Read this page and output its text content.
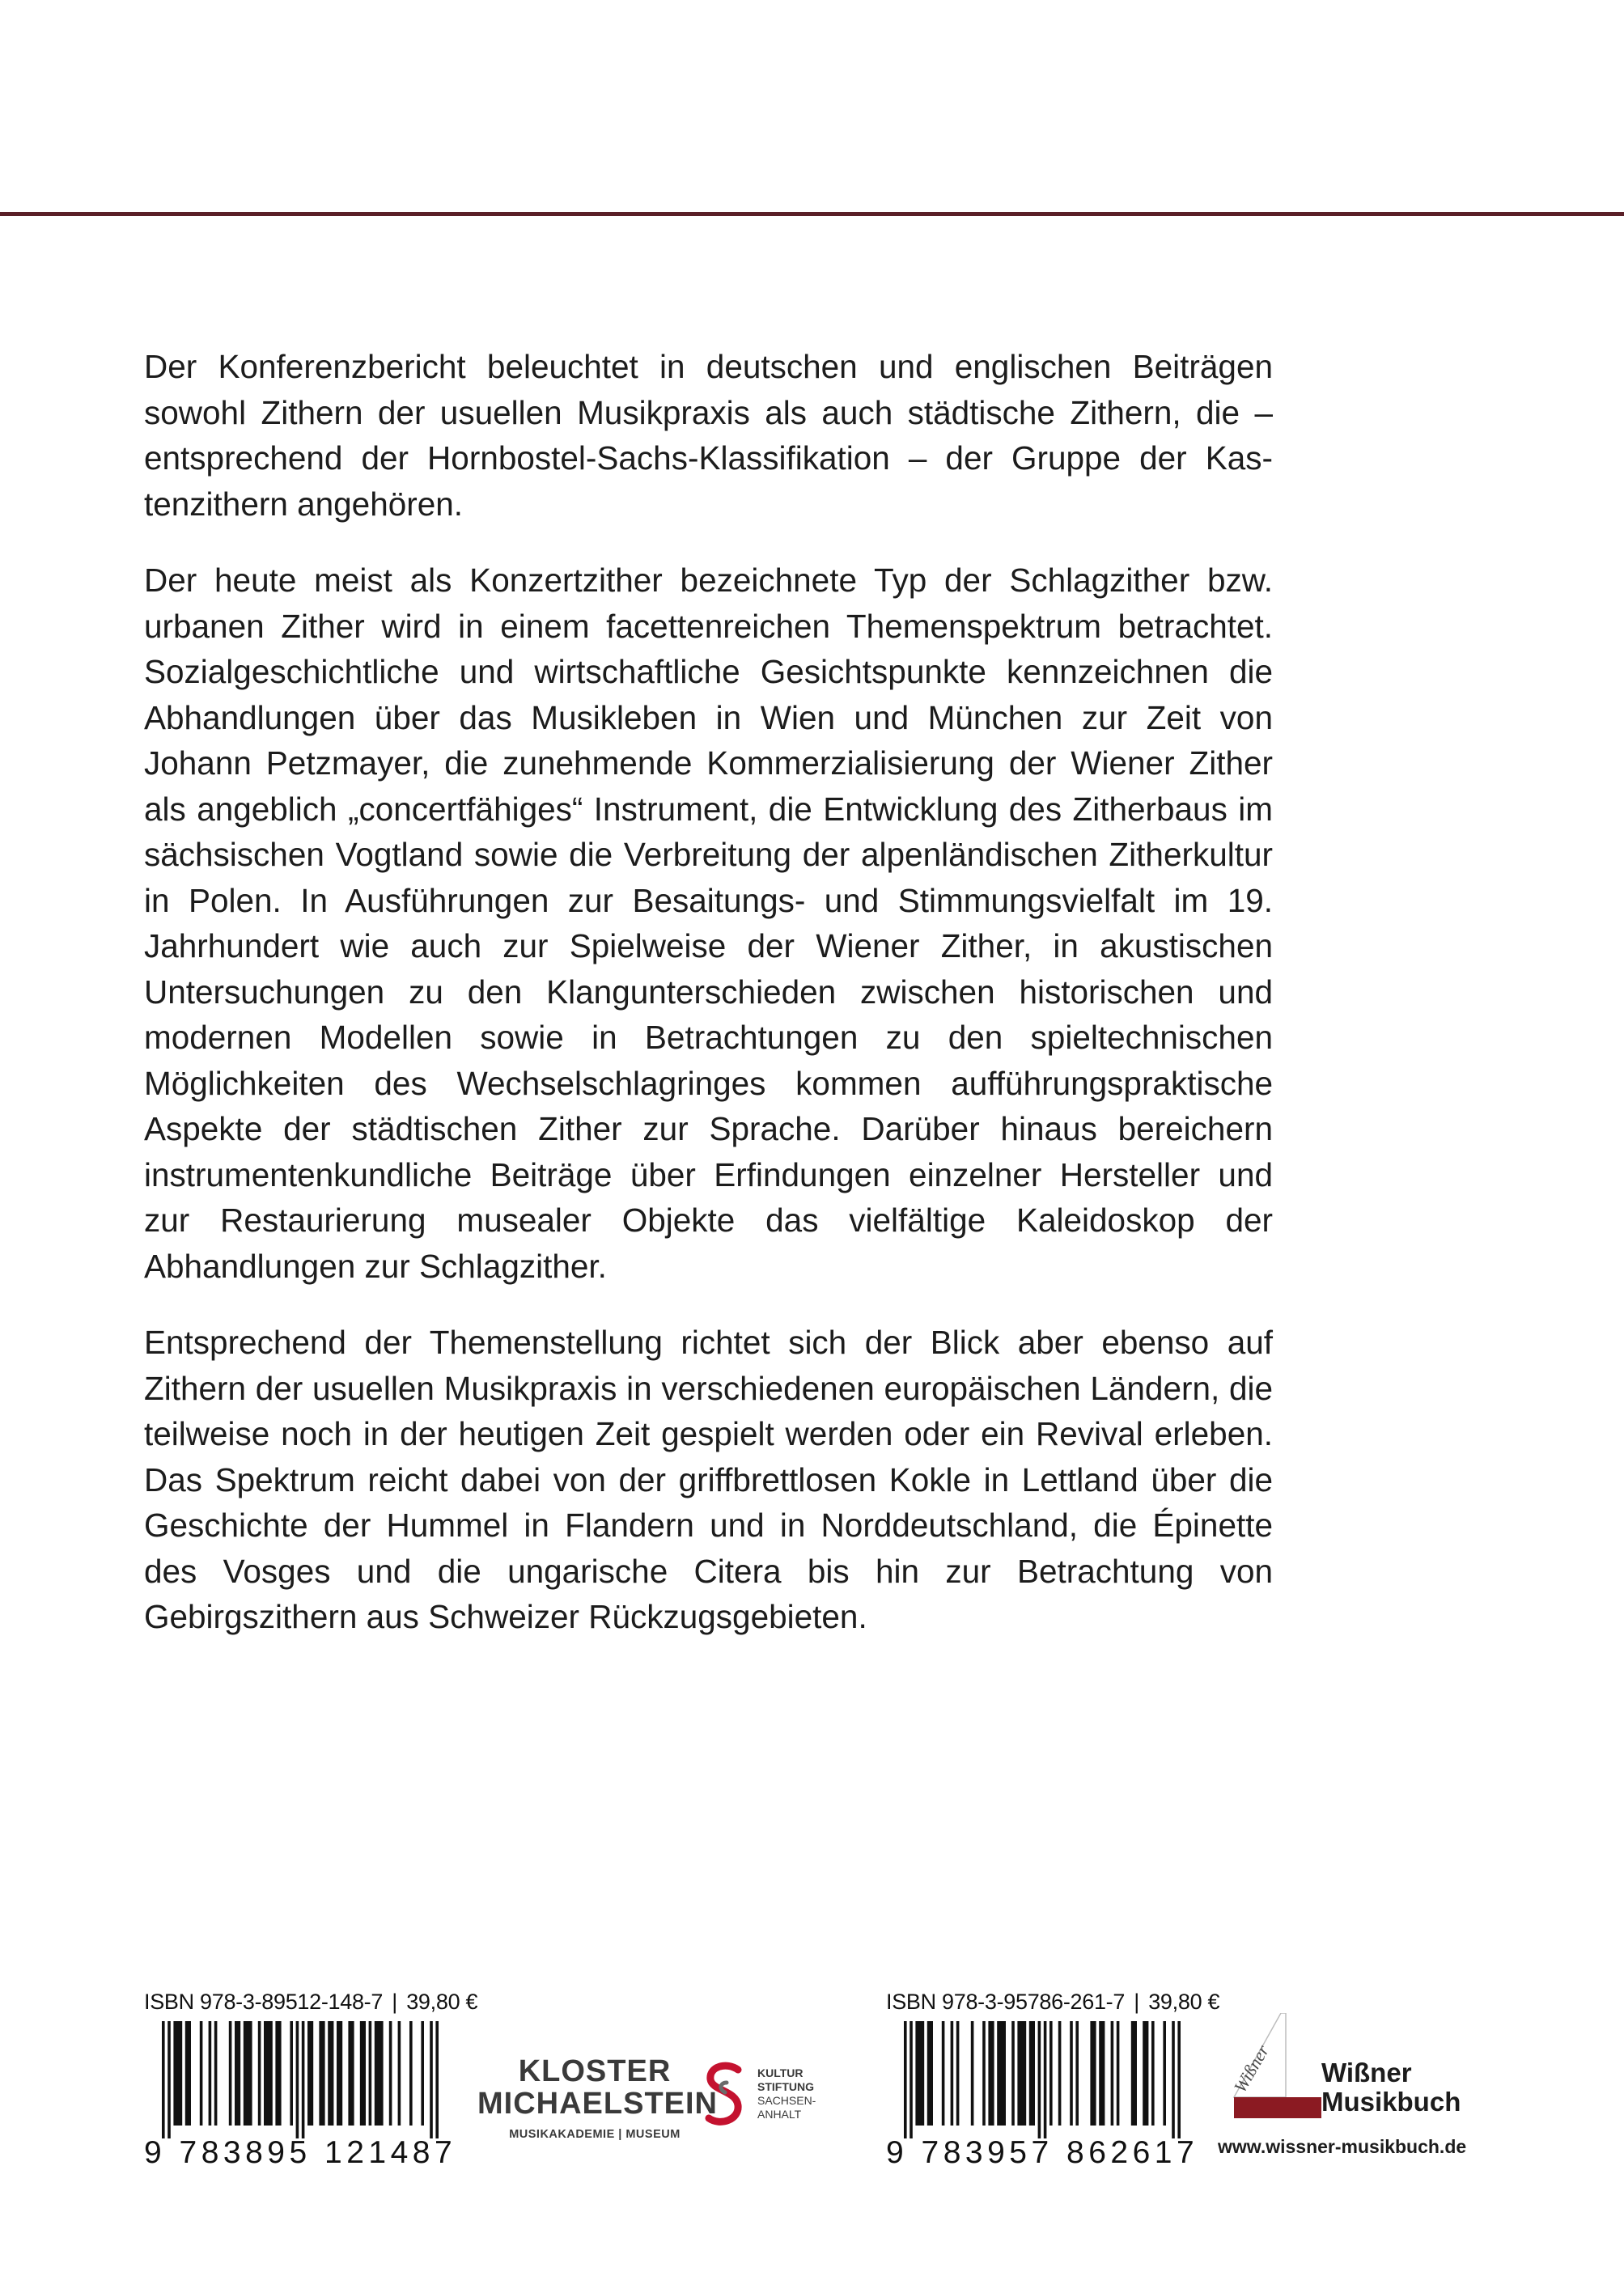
Der Konferenzbericht beleuchtet in deutschen und englischen Beiträgen sowohl Zithern der usuellen Musikpraxis als auch städtische Zithern, die – entsprechend der Hornbostel-Sachs-Klassifikation – der Gruppe der Kastenzithern angehören.

Der heute meist als Konzertzither bezeichnete Typ der Schlagzither bzw. urbanen Zither wird in einem facettenreichen Themenspektrum betrachtet. Sozialgeschichtliche und wirtschaftliche Gesichtspunkte kennzeichnen die Abhandlungen über das Musikleben in Wien und München zur Zeit von Johann Petzmayer, die zunehmende Kommerzialisierung der Wiener Zither als angeblich „concertfähiges“ Instrument, die Entwicklung des Zitherbaus im sächsischen Vogtland sowie die Verbreitung der alpenländischen Zitherkultur in Polen. In Ausführungen zur Besaitungs- und Stimmungsvielfalt im 19. Jahrhundert wie auch zur Spielweise der Wiener Zither, in akustischen Untersuchungen zu den Klangunterschieden zwischen historischen und modernen Modellen sowie in Betrachtungen zu den spieltechnischen Möglichkeiten des Wechselschlagringes kommen aufführungspraktische Aspekte der städtischen Zither zur Sprache. Darüber hinaus bereichern instrumentenkundliche Beiträge über Erfindungen einzelner Hersteller und zur Restaurierung musealer Objekte das vielfältige Kaleidoskop der Abhandlungen zur Schlagzither.

Entsprechend der Themenstellung richtet sich der Blick aber ebenso auf Zithern der usuellen Musikpraxis in verschiedenen europäischen Ländern, die teilweise noch in der heutigen Zeit gespielt werden oder ein Revival erleben. Das Spektrum reicht dabei von der griffbrettlosen Kokle in Lettland über die Geschichte der Hummel in Flandern und in Norddeutschland, die Épinette des Vosges und die ungarische Citera bis hin zur Betrachtung von Gebirgszithern aus Schweizer Rückzugsgebieten.

ISBN 978-3-89512-148-7 | 39,80 €
9 783895 121487
KLOSTER
MICHAELSTEIN
MUSIKAKADEMIE | MUSEUM
KULTUR
STIFTUNG
SACHSEN-
ANHALT
ISBN 978-3-95786-261-7 | 39,80 €
9 783957 862617
Wißner Wißner
Musikbuch
www.wissner-musikbuch.de
